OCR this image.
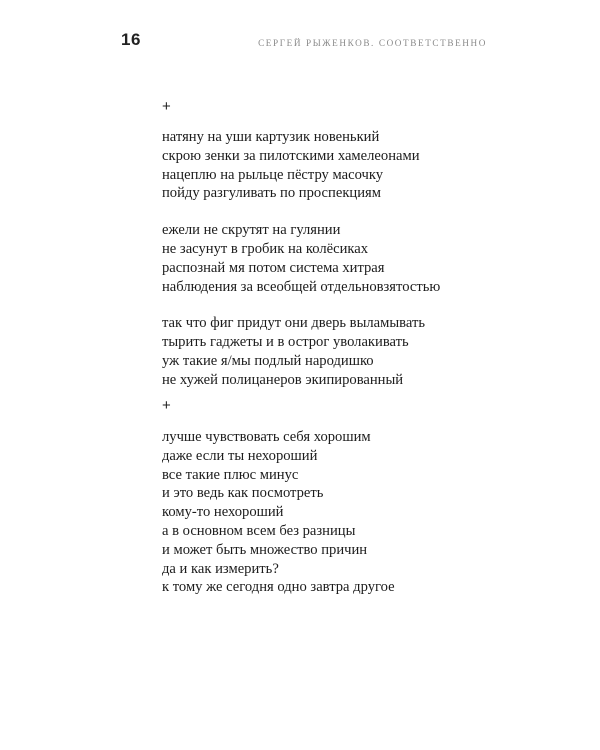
16	СЕРГЕЙ РЫЖЕНКОВ. СООТВЕТСТВЕННО
+

натяну на уши картузик новенький
скрою зенки за пилотскими хамелеонами
нацеплю на рыльце пёстру масочку
пойду разгуливать по проспекциям

ежели не скрутят на гулянии
не засунут в гробик на колёсиках
распознай мя потом система хитрая
наблюдения за всеобщей отдельновзятостью

так что фиг придут они дверь выламывать
тырить гаджеты и в острог уволакивать
уж такие я/мы подлый народишко
не хужей полицанеров экипированный

+

лучше чувствовать себя хорошим
даже если ты нехороший
все такие плюс минус
и это ведь как посмотреть
кому-то нехороший
а в основном всем без разницы
и может быть множество причин
да и как измерить?
к тому же сегодня одно завтра другое
